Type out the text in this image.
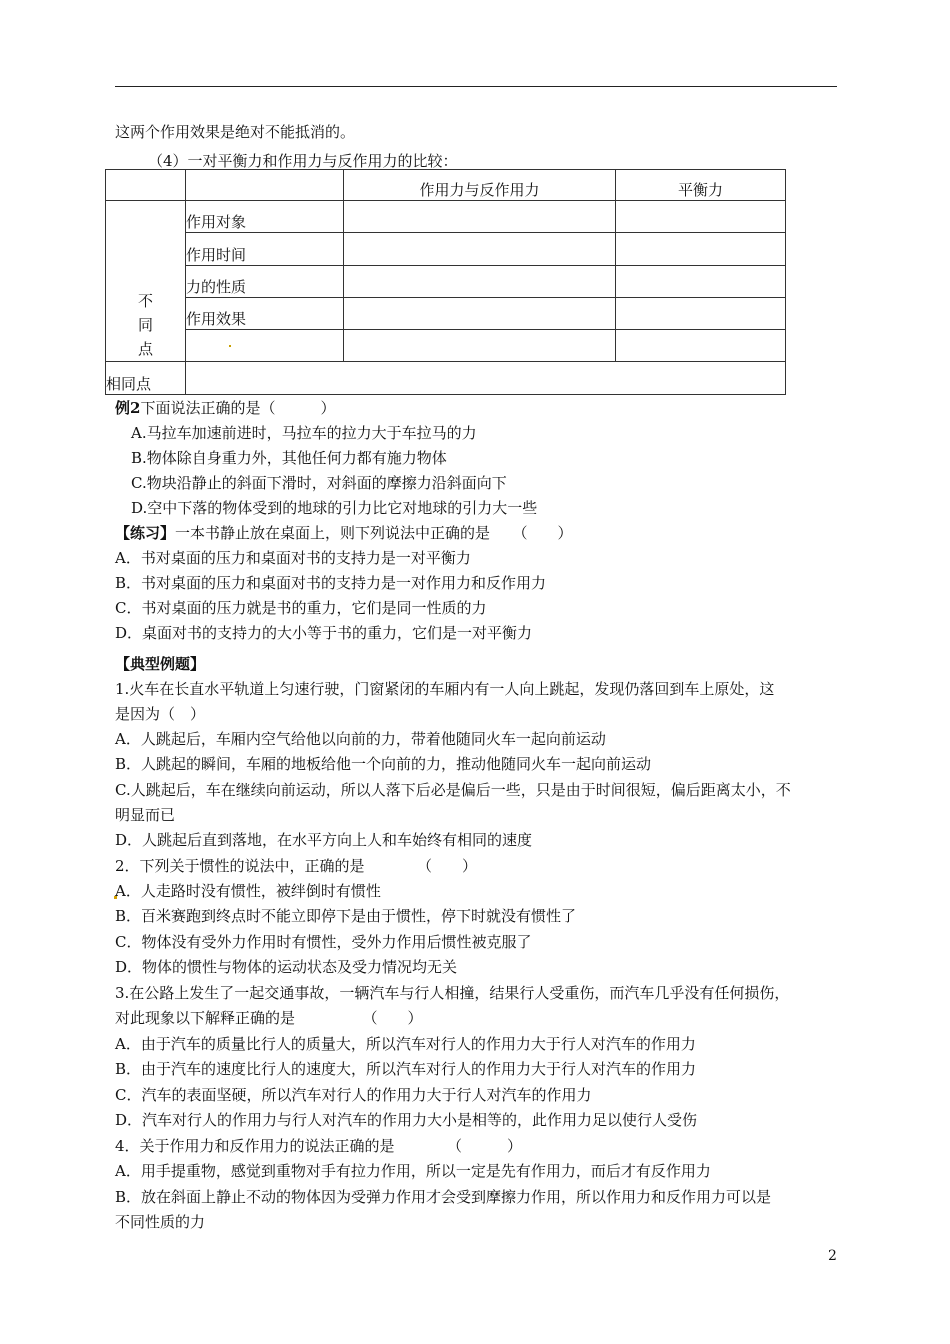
这两个作用效果是绝对不能抵消的。
（4）一对平衡力和作用力与反作用力的比较：
		作用力与反作用力	平衡力

不
同
点	作用对象		
	作用时间		
	力的性质		
	作用效果		

相同点			
例2下面说法正确的是（　　　）
A.马拉车加速前进时，马拉车的拉力大于车拉马的力
B.物体除自身重力外，其他任何力都有施力物体
C.物块沿静止的斜面下滑时，对斜面的摩擦力沿斜面向下
D.空中下落的物体受到的地球的引力比它对地球的引力大一些
【练习】一本书静止放在桌面上，则下列说法中正确的是　　（　　）
A．书对桌面的压力和桌面对书的支持力是一对平衡力
B．书对桌面的压力和桌面对书的支持力是一对作用力和反作用力
C．书对桌面的压力就是书的重力，它们是同一性质的力
D．桌面对书的支持力的大小等于书的重力，它们是一对平衡力
【典型例题】
1.火车在长直水平轨道上匀速行驶，门窗紧闭的车厢内有一人向上跳起，发现仍落回到车上原处，这
是因为（　）
A．人跳起后，车厢内空气给他以向前的力，带着他随同火车一起向前运动
B．人跳起的瞬间，车厢的地板给他一个向前的力，推动他随同火车一起向前运动
C.人跳起后，车在继续向前运动，所以人落下后必是偏后一些，只是由于时间很短，偏后距离太小，不
明显而已
D．人跳起后直到落地，在水平方向上人和车始终有相同的速度
2．下列关于惯性的说法中，正确的是　　　　（　　）
A．人走路时没有惯性，被绊倒时有惯性
B．百米赛跑到终点时不能立即停下是由于惯性，停下时就没有惯性了
C．物体没有受外力作用时有惯性，受外力作用后惯性被克服了
D．物体的惯性与物体的运动状态及受力情况均无关
3.在公路上发生了一起交通事故，一辆汽车与行人相撞，结果行人受重伤，而汽车几乎没有任何损伤，
对此现象以下解释正确的是　　　　　（　　）
A．由于汽车的质量比行人的质量大，所以汽车对行人的作用力大于行人对汽车的作用力
B．由于汽车的速度比行人的速度大，所以汽车对行人的作用力大于行人对汽车的作用力
C．汽车的表面坚硬，所以汽车对行人的作用力大于行人对汽车的作用力
D．汽车对行人的作用力与行人对汽车的作用力大小是相等的，此作用力足以使行人受伤
4．关于作用力和反作用力的说法正确的是　　　　（　　　）
A．用手提重物，感觉到重物对手有拉力作用，所以一定是先有作用力，而后才有反作用力
B．放在斜面上静止不动的物体因为受弹力作用才会受到摩擦力作用，所以作用力和反作用力可以是
不同性质的力
2
